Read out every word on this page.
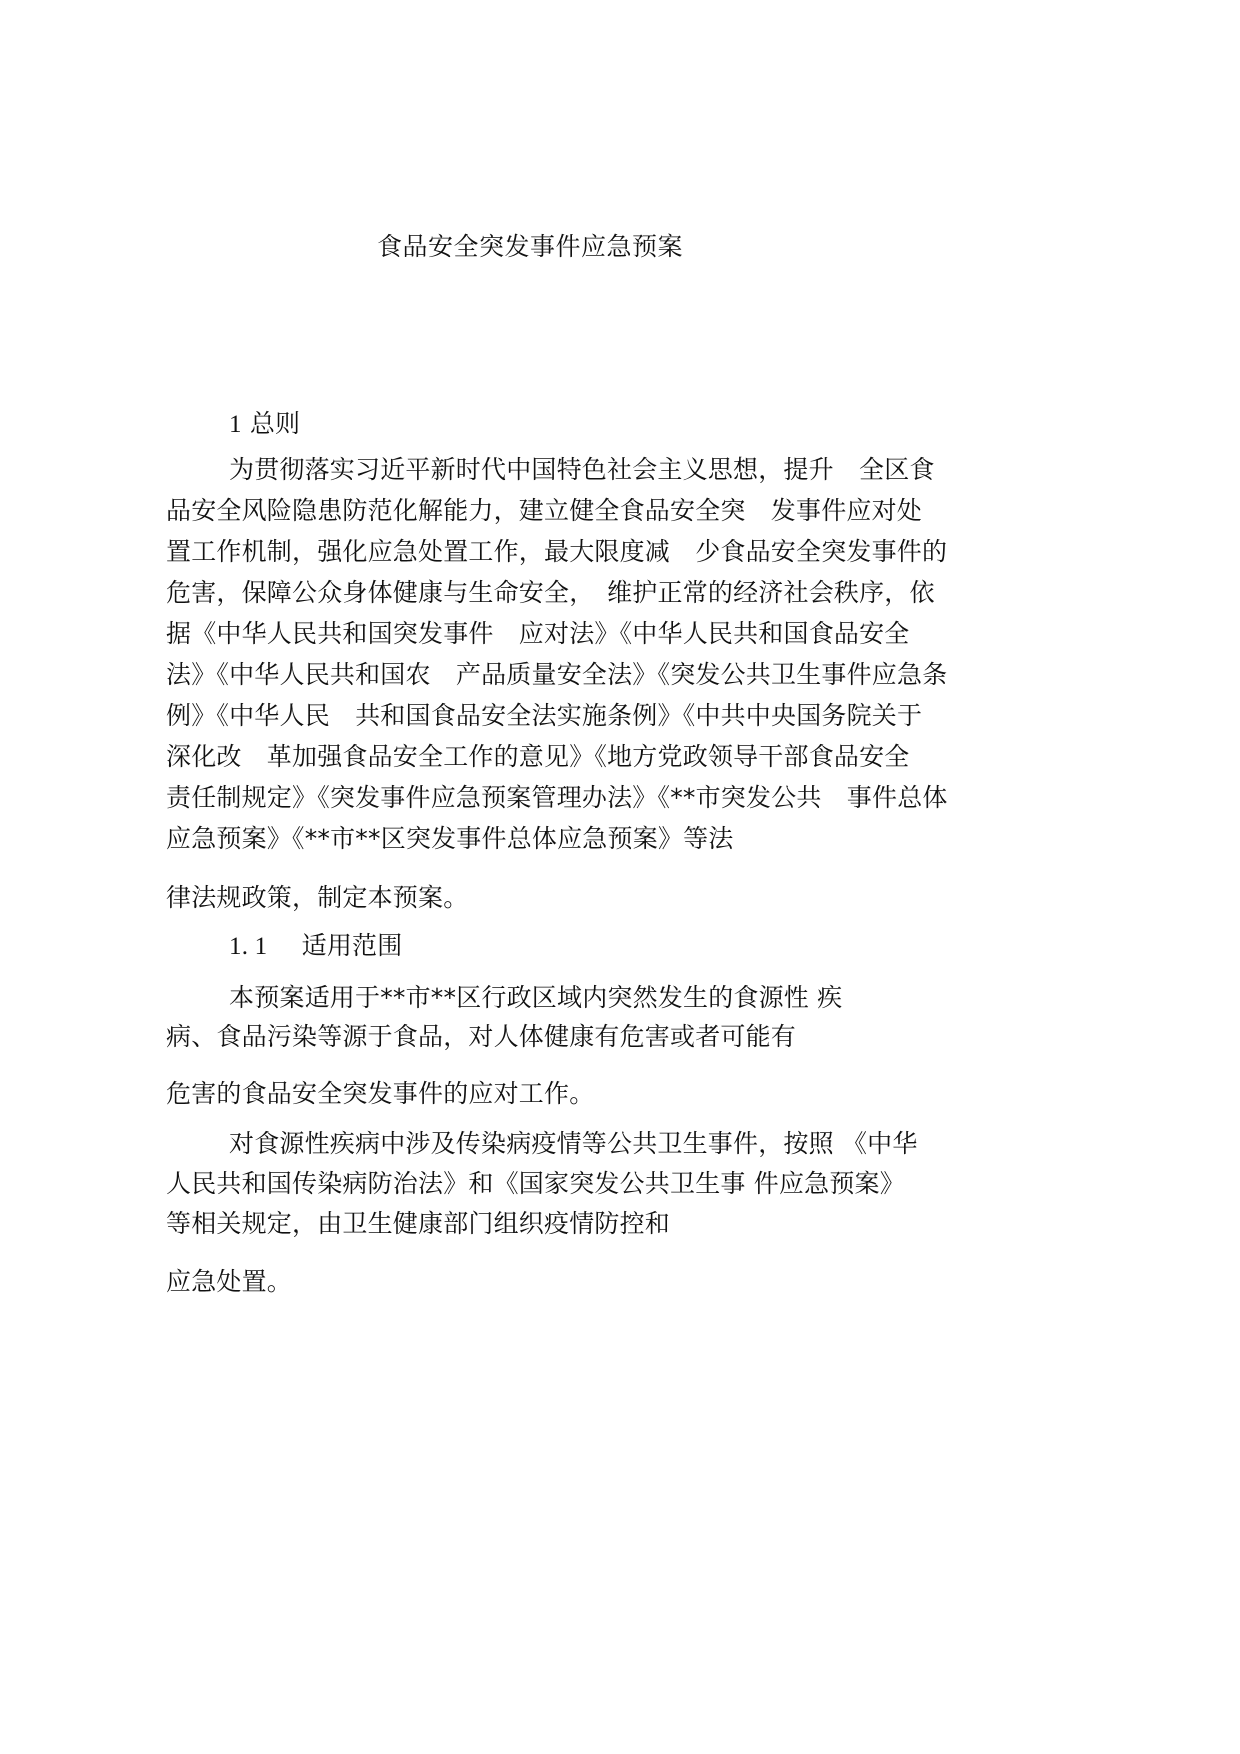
食品安全突发事件应急预案
1 总则
为贯彻落实习近平新时代中国特色社会主义思想，提升　全区食
品安全风险隐患防范化解能力，建立健全食品安全突　发事件应对处
置工作机制，强化应急处置工作，最大限度减　少食品安全突发事件的
危害，保障公众身体健康与生命安全，　维护正常的经济社会秩序，依
据《中华人民共和国突发事件　应对法》《中华人民共和国食品安全
法》《中华人民共和国农　产品质量安全法》《突发公共卫生事件应急条
例》《中华人民　共和国食品安全法实施条例》《中共中央国务院关于
深化改　革加强食品安全工作的意见》《地方党政领导干部食品安全
责任制规定》《突发事件应急预案管理办法》《**市突发公共　事件总体
应急预案》《**市**区突发事件总体应急预案》等法
律法规政策，制定本预案。
1. 1 适用范围
本预案适用于**市**区行政区域内突然发生的食源性 疾
病、食品污染等源于食品，对人体健康有危害或者可能有
危害的食品安全突发事件的应对工作。
对食源性疾病中涉及传染病疫情等公共卫生事件，按照 《中华
人民共和国传染病防治法》和《国家突发公共卫生事 件应急预案》
等相关规定，由卫生健康部门组织疫情防控和
应急处置。
